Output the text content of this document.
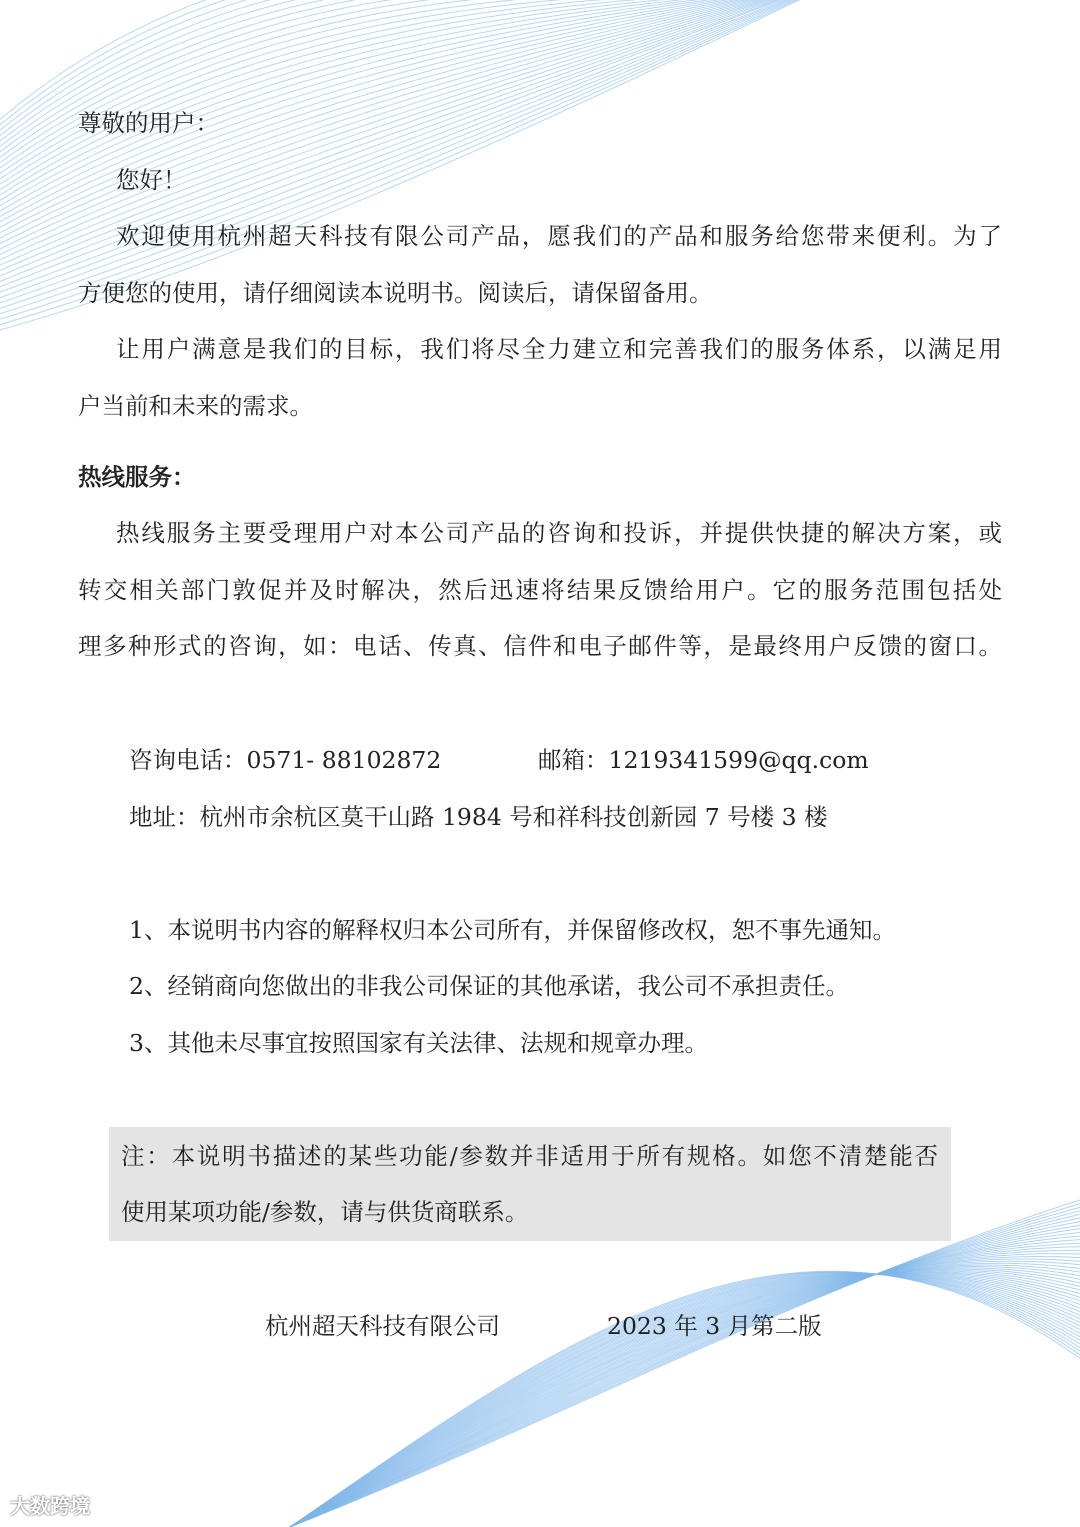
尊敬的用户：
您好！
欢迎使用杭州超天科技有限公司产品，愿我们的产品和服务给您带来便利。为了
方便您的使用，请仔细阅读本说明书。阅读后，请保留备用。
让用户满意是我们的目标，我们将尽全力建立和完善我们的服务体系，以满足用
户当前和未来的需求。
热线服务：
热线服务主要受理用户对本公司产品的咨询和投诉，并提供快捷的解决方案，或
转交相关部门敦促并及时解决，然后迅速将结果反馈给用户。它的服务范围包括处
理多种形式的咨询，如：电话、传真、信件和电子邮件等，是最终用户反馈的窗口。
咨询电话：0571- 88102872	邮箱：1219341599@qq.com
地址：杭州市余杭区莫干山路 1984 号和祥科技创新园 7 号楼 3 楼
1、本说明书内容的解释权归本公司所有，并保留修改权，恕不事先通知。
2、经销商向您做出的非我公司保证的其他承诺，我公司不承担责任。
3、其他未尽事宜按照国家有关法律、法规和规章办理。
注：本说明书描述的某些功能/参数并非适用于所有规格。如您不清楚能否
使用某项功能/参数，请与供货商联系。
杭州超天科技有限公司	2023 年 3 月第二版
大数跨境
